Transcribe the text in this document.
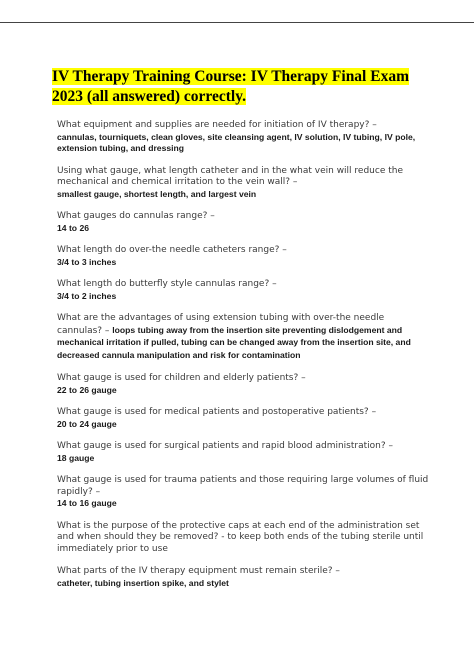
IV Therapy Training Course: IV Therapy Final Exam 2023 (all answered) correctly.
What equipment and supplies are needed for initiation of IV therapy? –
cannulas, tourniquets, clean gloves, site cleansing agent, IV solution, IV tubing, IV pole, extension tubing, and dressing
Using what gauge, what length catheter and in the what vein will reduce the mechanical and chemical irritation to the vein wall? –
smallest gauge, shortest length, and largest vein
What gauges do cannulas range? –
14 to 26
What length do over-the needle catheters range? –
3/4 to 3 inches
What length do butterfly style cannulas range? –
3/4 to 2 inches
What are the advantages of using extension tubing with over-the needle cannulas? – loops tubing away from the insertion site preventing dislodgement and mechanical irritation if pulled, tubing can be changed away from the insertion site, and decreased cannula manipulation and risk for contamination
What gauge is used for children and elderly patients? –
22 to 26 gauge
What gauge is used for medical patients and postoperative patients? –
20 to 24 gauge
What gauge is used for surgical patients and rapid blood administration? –
18 gauge
What gauge is used for trauma patients and those requiring large volumes of fluid rapidly? –
14 to 16 gauge
What is the purpose of the protective caps at each end of the administration set and when should they be removed? - to keep both ends of the tubing sterile until immediately prior to use
What parts of the IV therapy equipment must remain sterile? –
catheter, tubing insertion spike, and stylet
